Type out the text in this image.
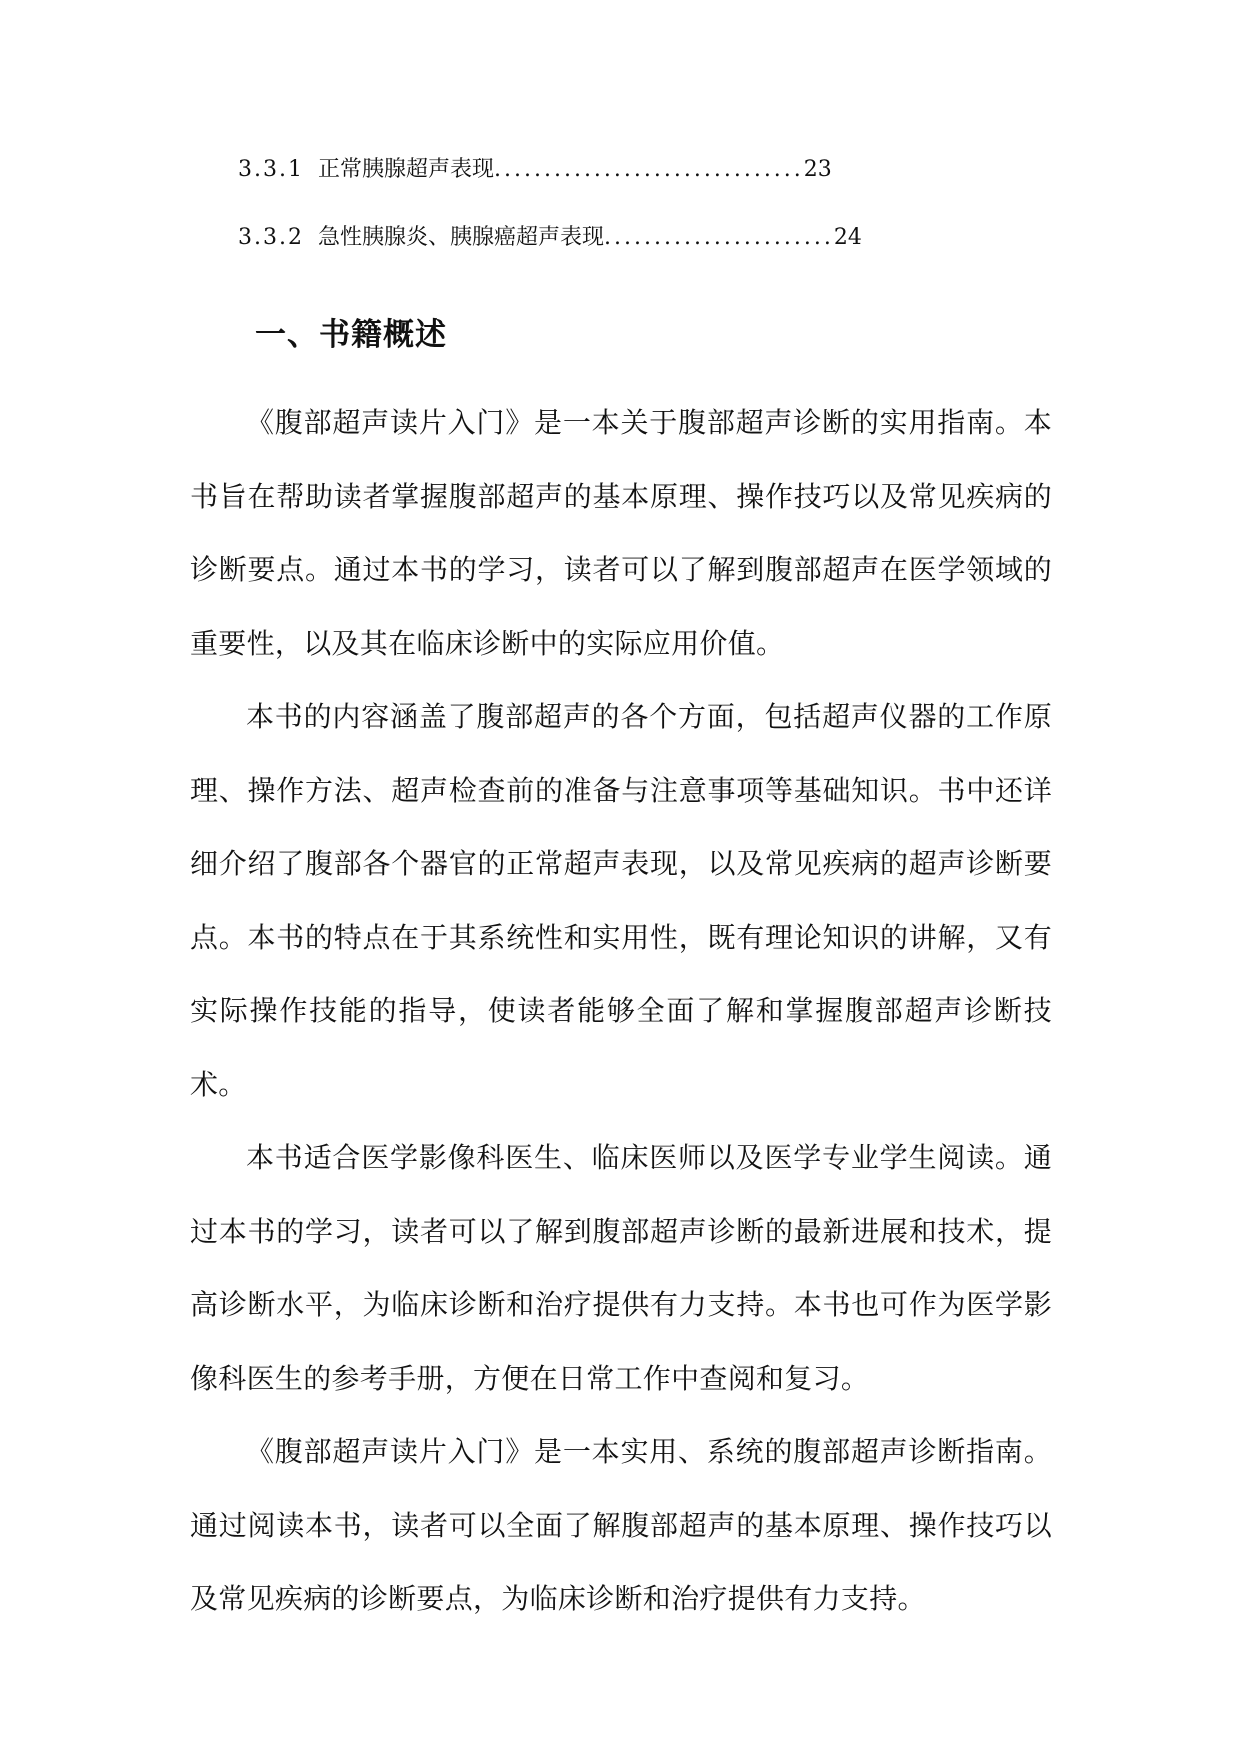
3.3.1 正常胰腺超声表现 ............................... 23
3.3.2 急性胰腺炎、胰腺癌超声表现 ....................... 24
一、书籍概述

《腹部超声读片入门》是一本关于腹部超声诊断的实用指南。本书旨在帮助读者掌握腹部超声的基本原理、操作技巧以及常见疾病的诊断要点。通过本书的学习，读者可以了解到腹部超声在医学领域的重要性，以及其在临床诊断中的实际应用价值。

本书的内容涵盖了腹部超声的各个方面，包括超声仪器的工作原理、操作方法、超声检查前的准备与注意事项等基础知识。书中还详细介绍了腹部各个器官的正常超声表现，以及常见疾病的超声诊断要点。本书的特点在于其系统性和实用性，既有理论知识的讲解，又有实际操作技能的指导，使读者能够全面了解和掌握腹部超声诊断技术。

本书适合医学影像科医生、临床医师以及医学专业学生阅读。通过本书的学习，读者可以了解到腹部超声诊断的最新进展和技术，提高诊断水平，为临床诊断和治疗提供有力支持。本书也可作为医学影像科医生的参考手册，方便在日常工作中查阅和复习。

《腹部超声读片入门》是一本实用、系统的腹部超声诊断指南。通过阅读本书，读者可以全面了解腹部超声的基本原理、操作技巧以及常见疾病的诊断要点，为临床诊断和治疗提供有力支持。
